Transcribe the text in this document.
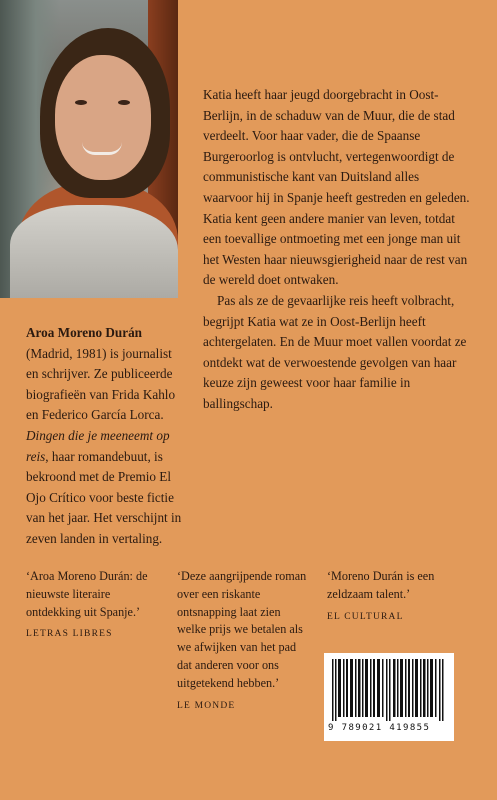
Katia heeft haar jeugd doorgebracht in Oost-Berlijn, in de schaduw van de Muur, die de stad verdeelt. Voor haar vader, die de Spaanse Burgeroorlog is ontvlucht, vertegenwoordigt de communistische kant van Duitsland alles waarvoor hij in Spanje heeft gestreden en geleden. Katia kent geen andere manier van leven, totdat een toevallige ontmoeting met een jonge man uit het Westen haar nieuwsgierigheid naar de rest van de wereld doet ontwaken.

Pas als ze de gevaarlijke reis heeft volbracht, begrijpt Katia wat ze in Oost-Berlijn heeft achtergelaten. En de Muur moet vallen voordat ze ontdekt wat de verwoestende gevolgen van haar keuze zijn geweest voor haar familie in ballingschap.

Aroa Moreno Durán
(Madrid, 1981) is journalist en schrijver. Ze publiceerde biografieën van Frida Kahlo en Federico García Lorca. Dingen die je meeneemt op reis, haar romandebuut, is bekroond met de Premio El Ojo Crítico voor beste fictie van het jaar. Het verschijnt in zeven landen in vertaling.
‘Aroa Moreno Durán: de nieuwste literaire ontdekking uit Spanje.’
LETRAS LIBRES
‘Deze aangrijpende roman over een riskante ontsnapping laat zien welke prijs we betalen als we afwijken van het pad dat anderen voor ons uitgetekend hebben.’
LE MONDE
‘Moreno Durán is een zeldzaam talent.’
EL CULTURAL
9 789021 419855
